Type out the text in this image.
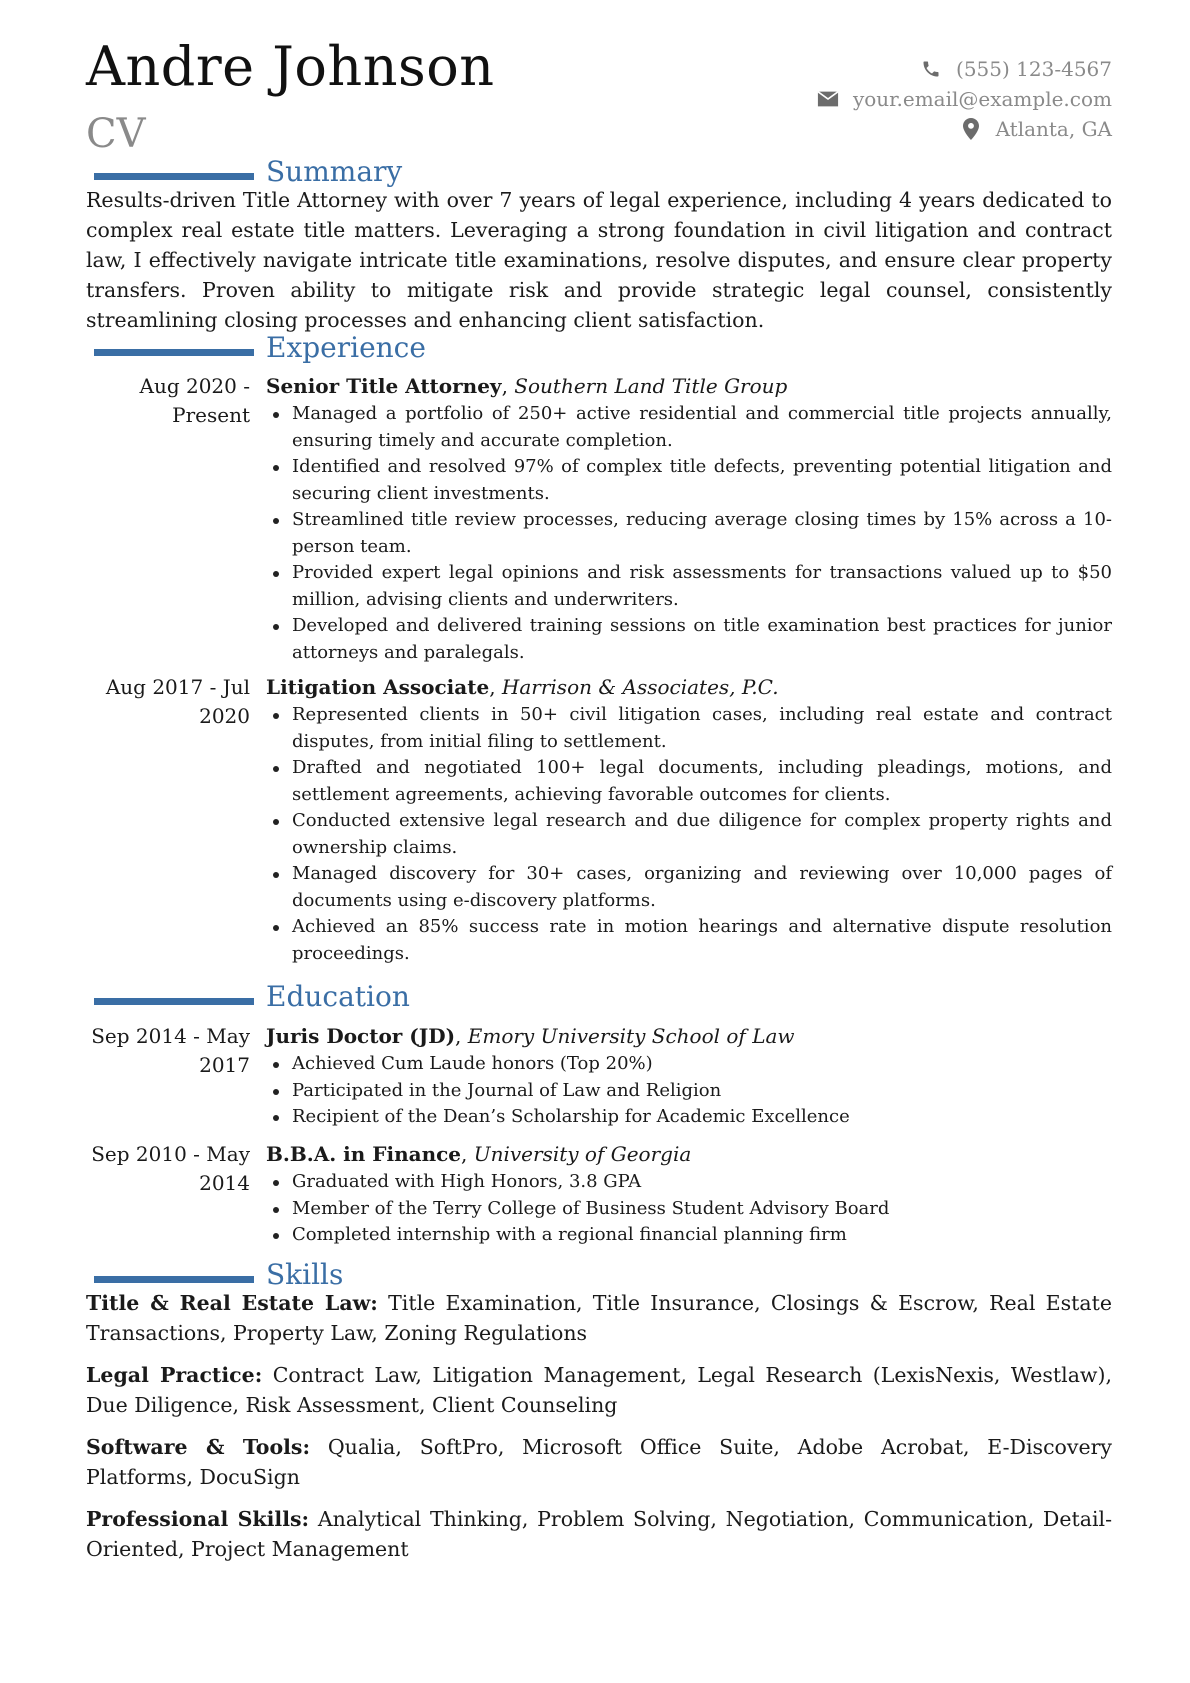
Andre Johnson
CV
(555) 123-4567
your.email@example.com
Atlanta, GA
Summary
Results-driven Title Attorney with over 7 years of legal experience, including 4 years dedicated to complex real estate title matters. Leveraging a strong foundation in civil litigation and contract law, I effectively navigate intricate title examinations, resolve disputes, and ensure clear property transfers. Proven ability to mitigate risk and provide strategic legal counsel, consistently streamlining closing processes and enhancing client satisfaction.
Experience
Aug 2020 -
Present
Senior Title Attorney, Southern Land Title Group
Managed a portfolio of 250+ active residential and commercial title projects annually, ensuring timely and accurate completion.
Identified and resolved 97% of complex title defects, preventing potential litigation and securing client investments.
Streamlined title review processes, reducing average closing times by 15% across a 10-person team.
Provided expert legal opinions and risk assessments for transactions valued up to $50 million, advising clients and underwriters.
Developed and delivered training sessions on title examination best practices for junior attorneys and paralegals.
Aug 2017 - Jul
2020
Litigation Associate, Harrison & Associates, P.C.
Represented clients in 50+ civil litigation cases, including real estate and contract disputes, from initial filing to settlement.
Drafted and negotiated 100+ legal documents, including pleadings, motions, and settlement agreements, achieving favorable outcomes for clients.
Conducted extensive legal research and due diligence for complex property rights and ownership claims.
Managed discovery for 30+ cases, organizing and reviewing over 10,000 pages of documents using e-discovery platforms.
Achieved an 85% success rate in motion hearings and alternative dispute resolution proceedings.
Education
Sep 2014 - May
2017
Juris Doctor (JD), Emory University School of Law
Achieved Cum Laude honors (Top 20%)
Participated in the Journal of Law and Religion
Recipient of the Dean’s Scholarship for Academic Excellence
Sep 2010 - May
2014
B.B.A. in Finance, University of Georgia
Graduated with High Honors, 3.8 GPA
Member of the Terry College of Business Student Advisory Board
Completed internship with a regional financial planning firm
Skills
Title & Real Estate Law: Title Examination, Title Insurance, Closings & Escrow, Real Estate Transactions, Property Law, Zoning Regulations
Legal Practice: Contract Law, Litigation Management, Legal Research (LexisNexis, Westlaw), Due Diligence, Risk Assessment, Client Counseling
Software & Tools: Qualia, SoftPro, Microsoft Office Suite, Adobe Acrobat, E-Discovery Platforms, DocuSign
Professional Skills: Analytical Thinking, Problem Solving, Negotiation, Communication, Detail-Oriented, Project Management
